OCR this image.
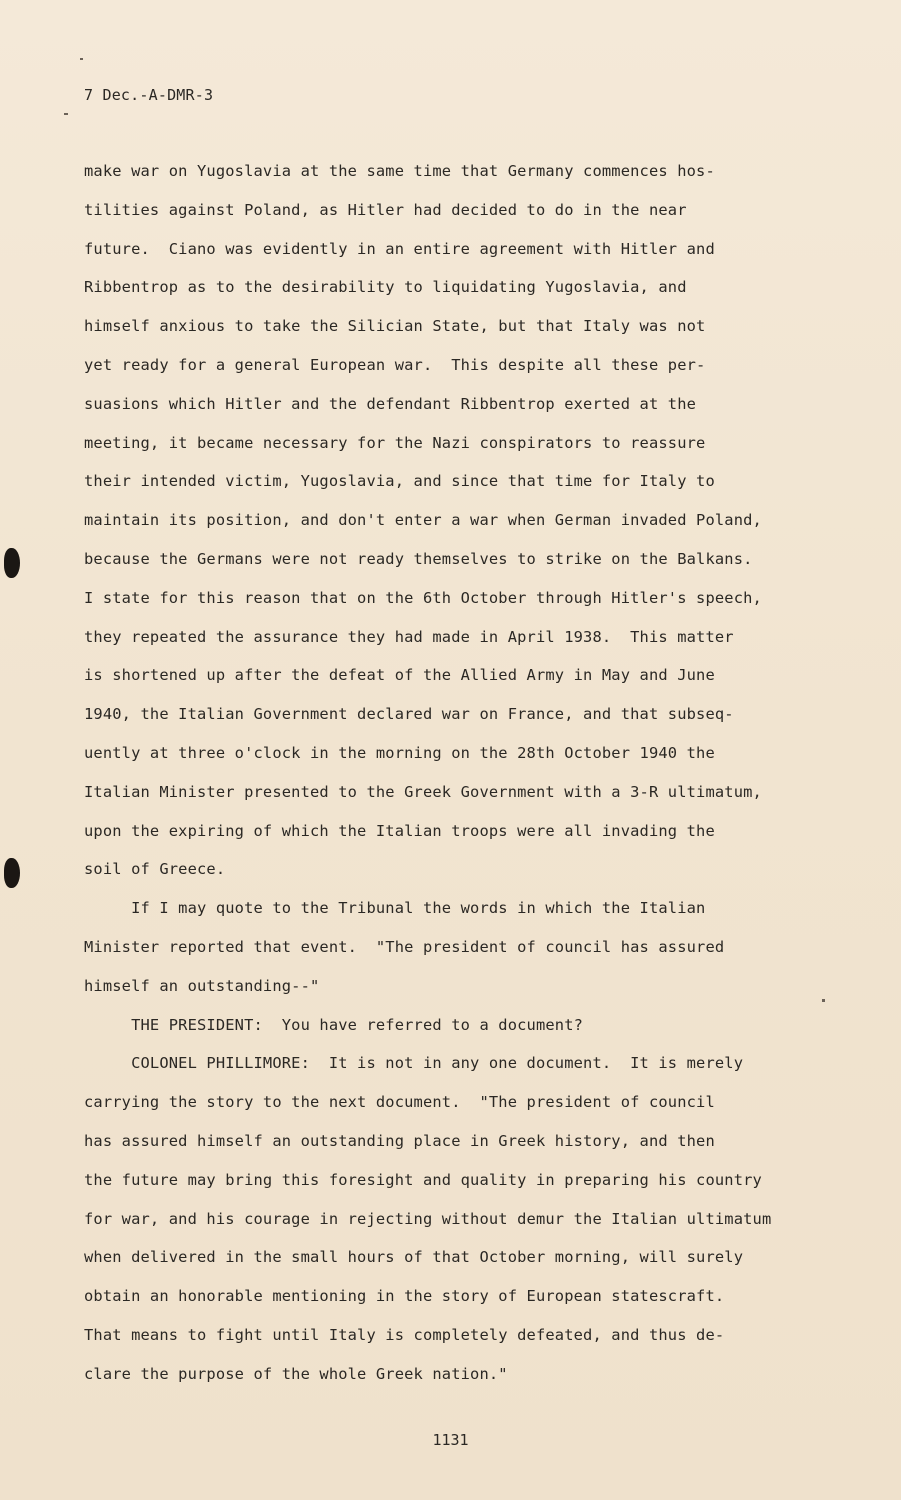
7 Dec.-A-DMR-3
make war on Yugoslavia at the same time that Germany commences hos-
tilities against Poland, as Hitler had decided to do in the near
future.  Ciano was evidently in an entire agreement with Hitler and
Ribbentrop as to the desirability to liquidating Yugoslavia, and
himself anxious to take the Silician State, but that Italy was not
yet ready for a general European war.  This despite all these per-
suasions which Hitler and the defendant Ribbentrop exerted at the
meeting, it became necessary for the Nazi conspirators to reassure
their intended victim, Yugoslavia, and since that time for Italy to
maintain its position, and don't enter a war when German invaded Poland,
because the Germans were not ready themselves to strike on the Balkans.
I state for this reason that on the 6th October through Hitler's speech,
they repeated the assurance they had made in April 1938.  This matter
is shortened up after the defeat of the Allied Army in May and June
1940, the Italian Government declared war on France, and that subseq-
uently at three o'clock in the morning on the 28th October 1940 the
Italian Minister presented to the Greek Government with a 3-R ultimatum,
upon the expiring of which the Italian troops were all invading the
soil of Greece.
If I may quote to the Tribunal the words in which the Italian
Minister reported that event.  "The president of council has assured
himself an outstanding--"
THE PRESIDENT:  You have referred to a document?
COLONEL PHILLIMORE:  It is not in any one document.  It is merely
carrying the story to the next document.  "The president of council
has assured himself an outstanding place in Greek history, and then
the future may bring this foresight and quality in preparing his country
for war, and his courage in rejecting without demur the Italian ultimatum
when delivered in the small hours of that October morning, will surely
obtain an honorable mentioning in the story of European statescraft.
That means to fight until Italy is completely defeated, and thus de-
clare the purpose of the whole Greek nation."
1131
